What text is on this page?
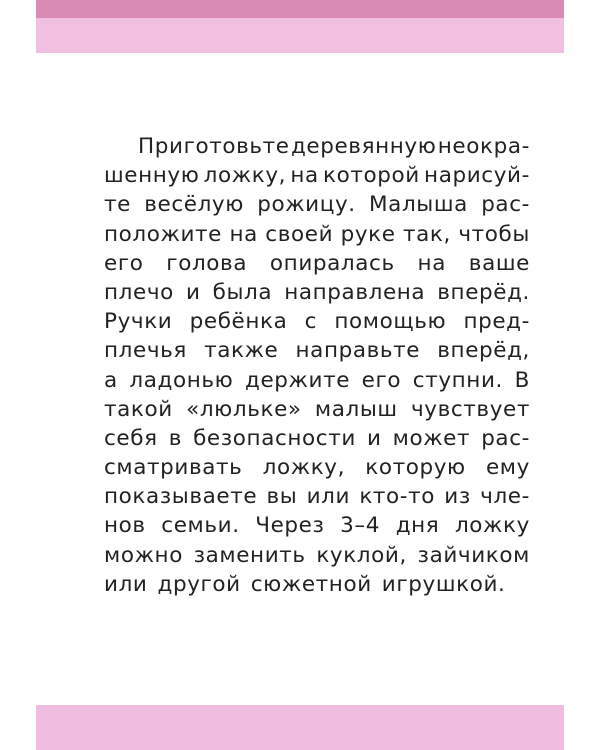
Приготовьте деревянную неокра-
шенную ложку, на которой нарисуй-
те весёлую рожицу. Малыша рас-
положите на своей руке так, чтобы
его голова опиралась на ваше
плечо и была направлена вперёд.
Ручки ребёнка с помощью пред-
плечья также направьте вперёд,
а ладонью держите его ступни. В
такой «люльке» малыш чувствует
себя в безопасности и может рас-
сматривать ложку, которую ему
показываете вы или кто-то из чле-
нов семьи. Через 3–4 дня ложку
можно заменить куклой, зайчиком
или другой сюжетной игрушкой.
